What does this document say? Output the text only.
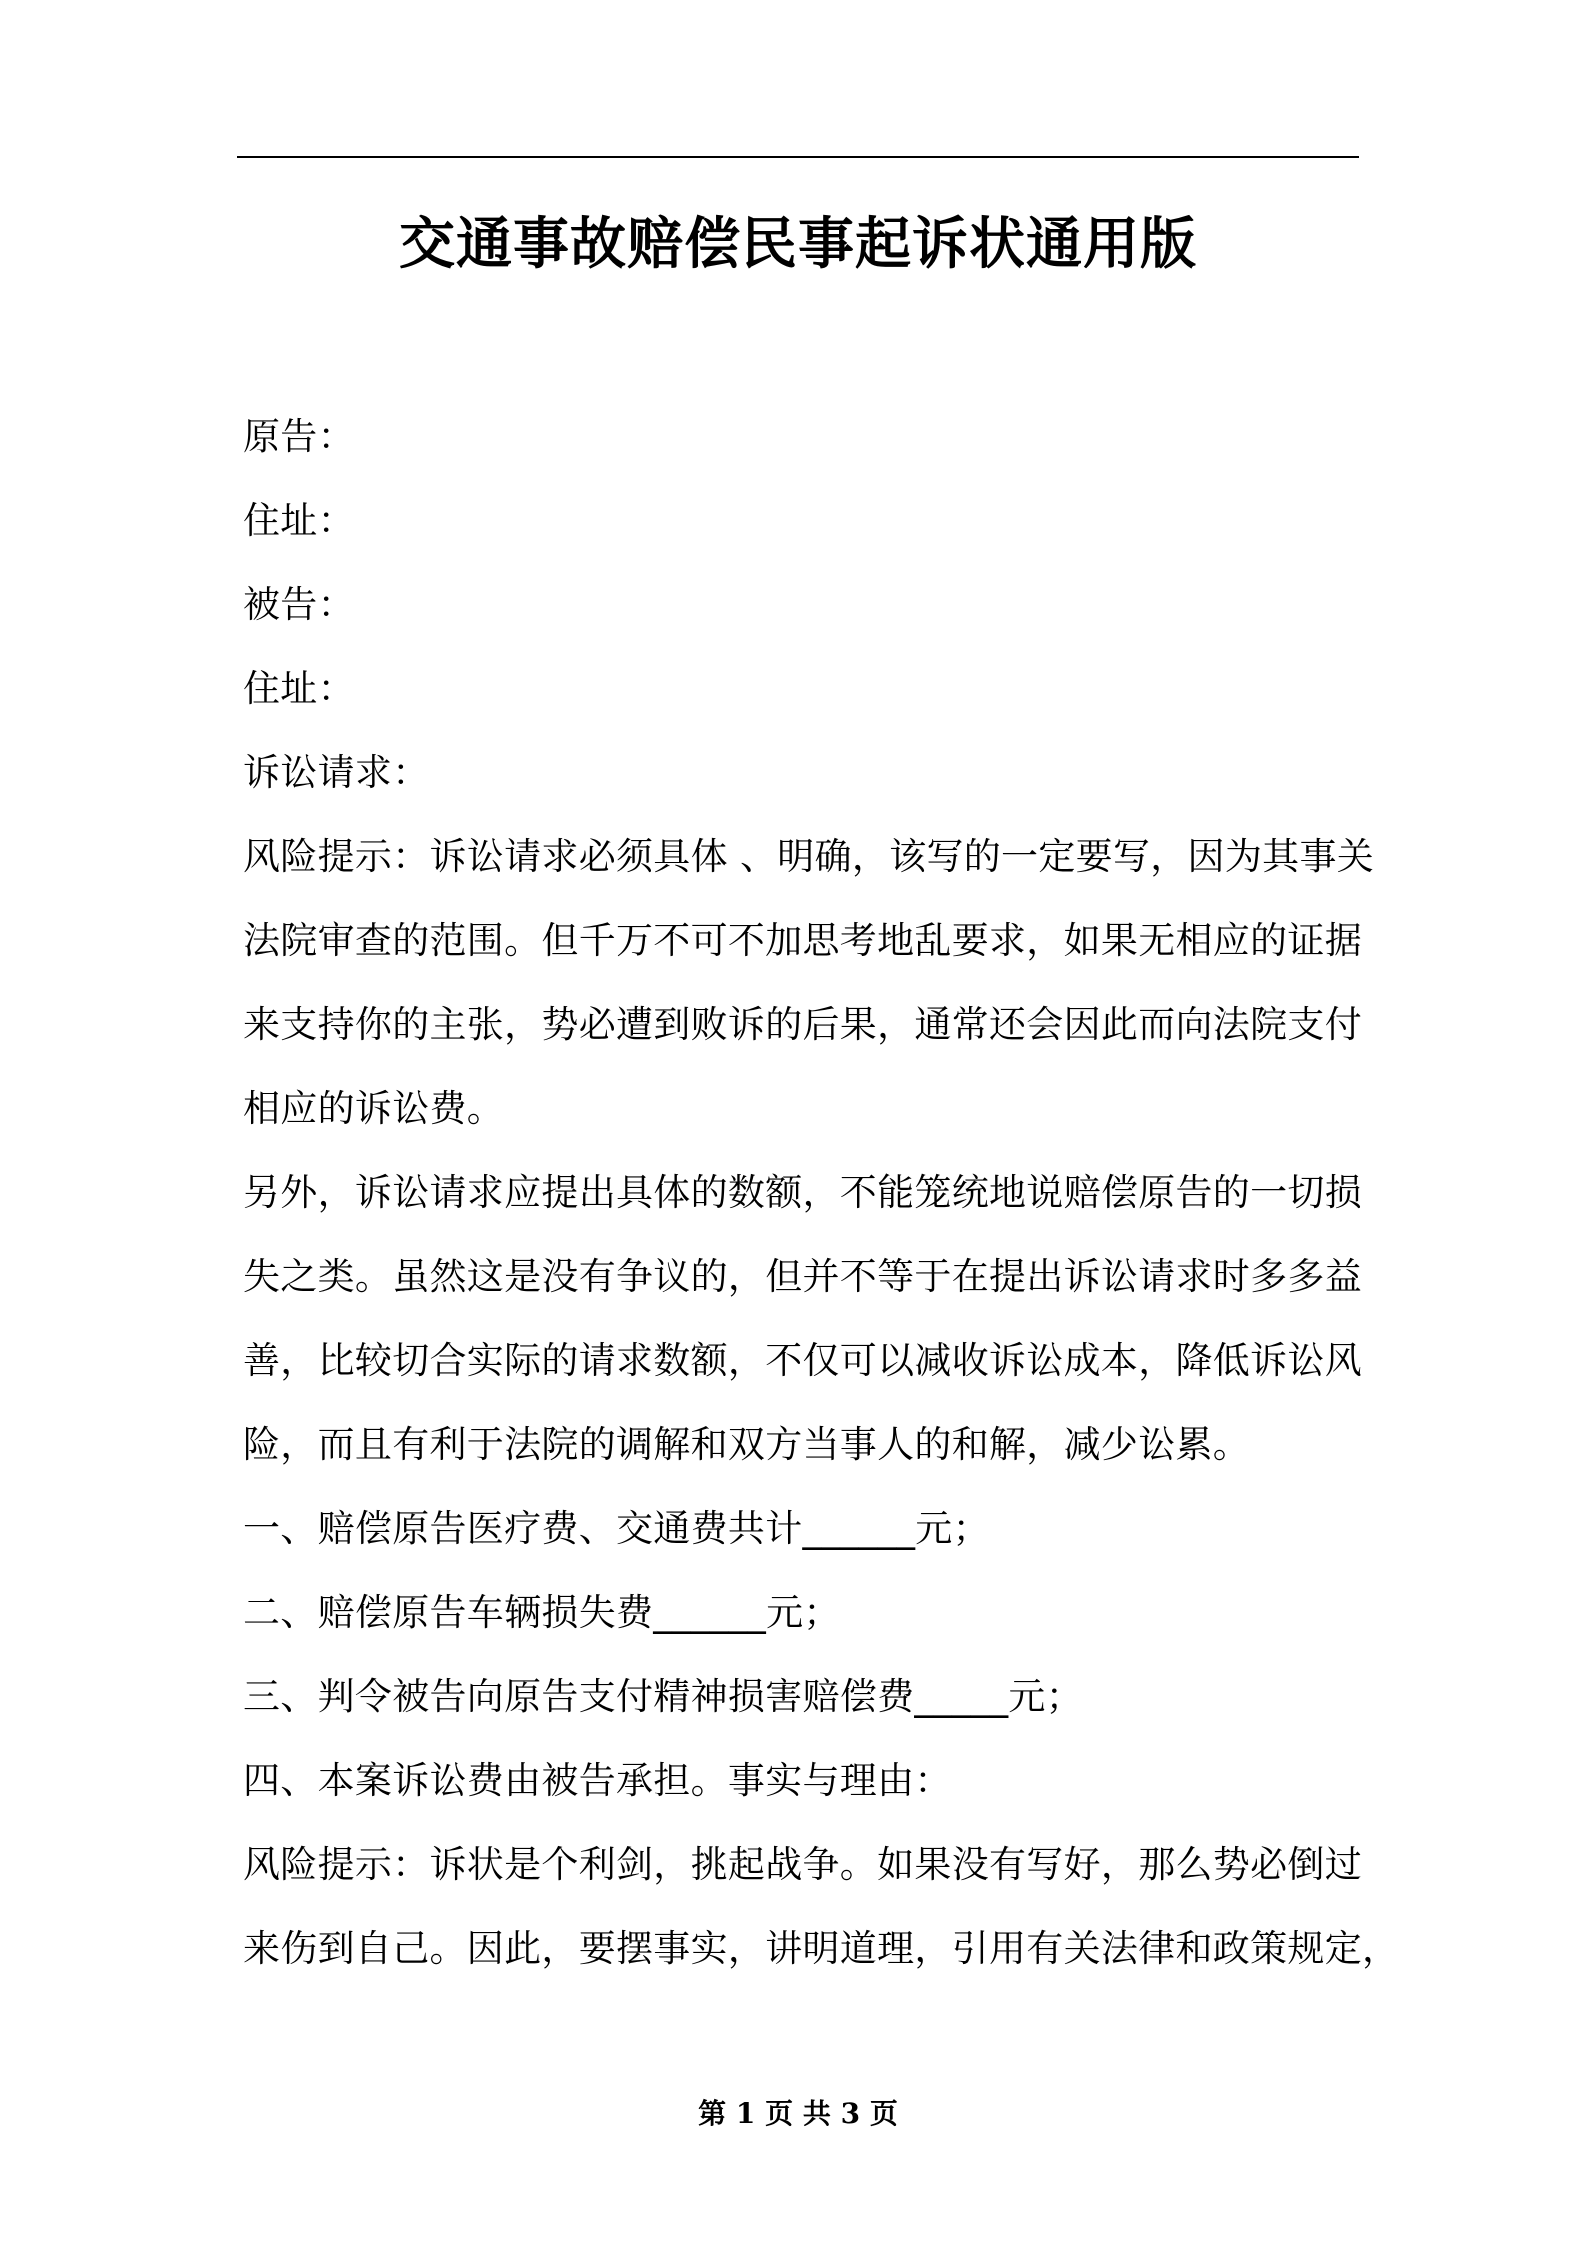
交通事故赔偿民事起诉状通用版

原告：

住址：

被告：

住址：

诉讼请求：

风险提示：诉讼请求必须具体 、明确，该写的一定要写，因为其事关

法院审查的范围。但千万不可不加思考地乱要求，如果无相应的证据

来支持你的主张，势必遭到败诉的后果，通常还会因此而向法院支付

相应的诉讼费。

另外，诉讼请求应提出具体的数额，不能笼统地说赔偿原告的一切损

失之类。虽然这是没有争议的，但并不等于在提出诉讼请求时多多益

善，比较切合实际的请求数额，不仅可以减收诉讼成本，降低诉讼风

险，而且有利于法院的调解和双方当事人的和解，减少讼累。

一、赔偿原告医疗费、交通费共计______元；

二、赔偿原告车辆损失费______元；

三、判令被告向原告支付精神损害赔偿费_____元；

四、本案诉讼费由被告承担。事实与理由：

风险提示：诉状是个利剑，挑起战争。如果没有写好，那么势必倒过

来伤到自己。因此，要摆事实，讲明道理，引用有关法律和政策规定，

第 1 页 共 3 页
